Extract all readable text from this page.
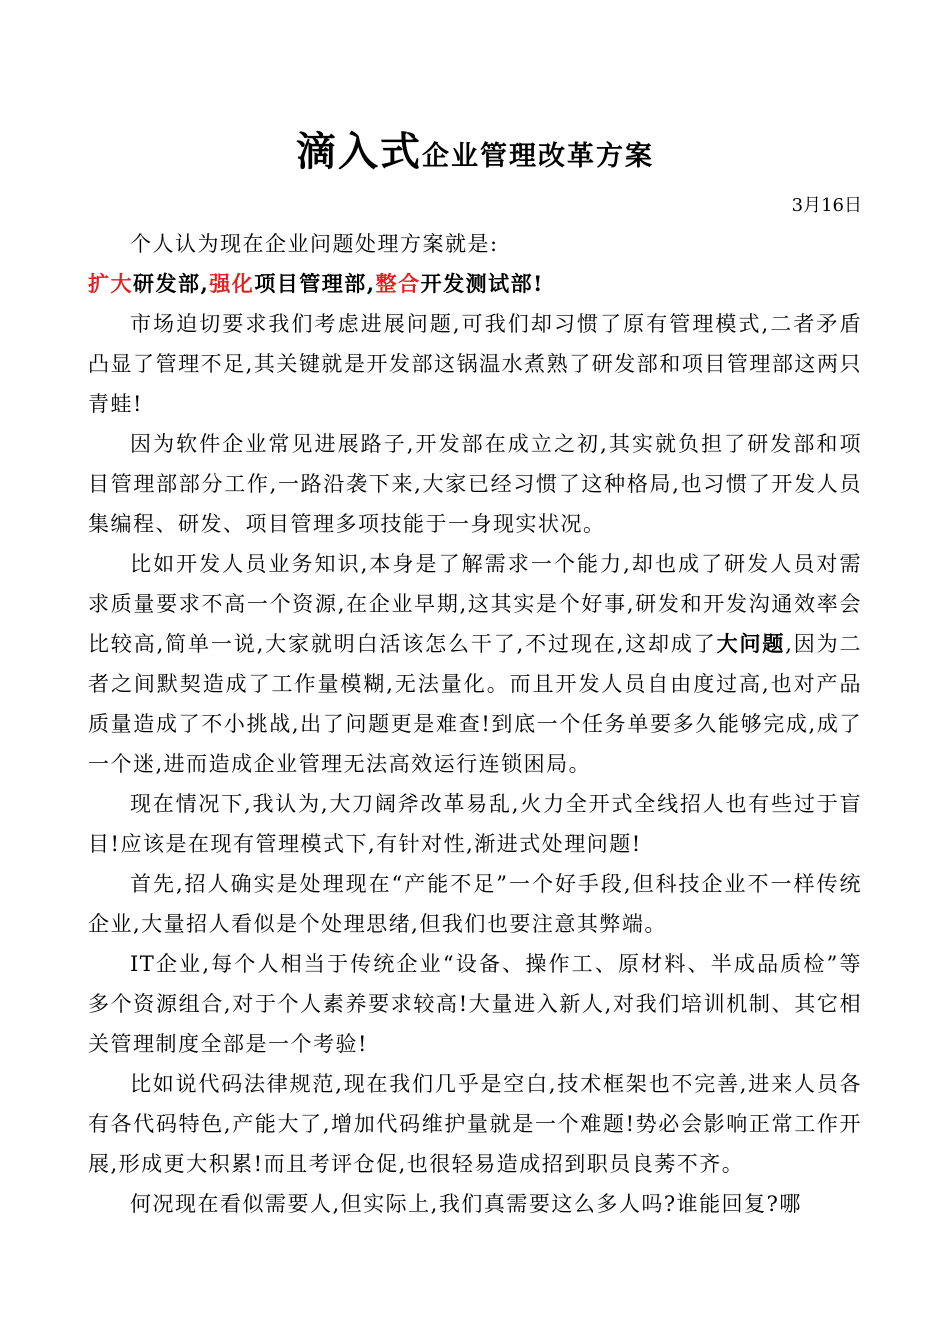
滴入式企业管理改革方案
3月16日

个人认为现在企业问题处理方案就是:

扩大研发部,强化项目管理部,整合开发测试部!

市场迫切要求我们考虑进展问题,可我们却习惯了原有管理模式,二者矛盾凸显了管理不足,其关键就是开发部这锅温水煮熟了研发部和项目管理部这两只青蛙!

因为软件企业常见进展路子,开发部在成立之初,其实就负担了研发部和项目管理部部分工作,一路沿袭下来,大家已经习惯了这种格局,也习惯了开发人员集编程、研发、项目管理多项技能于一身现实状况。

比如开发人员业务知识,本身是了解需求一个能力,却也成了研发人员对需求质量要求不高一个资源,在企业早期,这其实是个好事,研发和开发沟通效率会比较高,简单一说,大家就明白活该怎么干了,不过现在,这却成了大问题,因为二者之间默契造成了工作量模糊,无法量化。而且开发人员自由度过高,也对产品质量造成了不小挑战,出了问题更是难查!到底一个任务单要多久能够完成,成了一个迷,进而造成企业管理无法高效运行连锁困局。

现在情况下,我认为,大刀阔斧改革易乱,火力全开式全线招人也有些过于盲目!应该是在现有管理模式下,有针对性,渐进式处理问题!

首先,招人确实是处理现在“产能不足”一个好手段,但科技企业不一样传统企业,大量招人看似是个处理思绪,但我们也要注意其弊端。

IT企业,每个人相当于传统企业“设备、操作工、原材料、半成品质检”等多个资源组合,对于个人素养要求较高!大量进入新人,对我们培训机制、其它相关管理制度全部是一个考验!

比如说代码法律规范,现在我们几乎是空白,技术框架也不完善,进来人员各有各代码特色,产能大了,增加代码维护量就是一个难题!势必会影响正常工作开展,形成更大积累!而且考评仓促,也很轻易造成招到职员良莠不齐。

何况现在看似需要人,但实际上,我们真需要这么多人吗?谁能回复?哪
